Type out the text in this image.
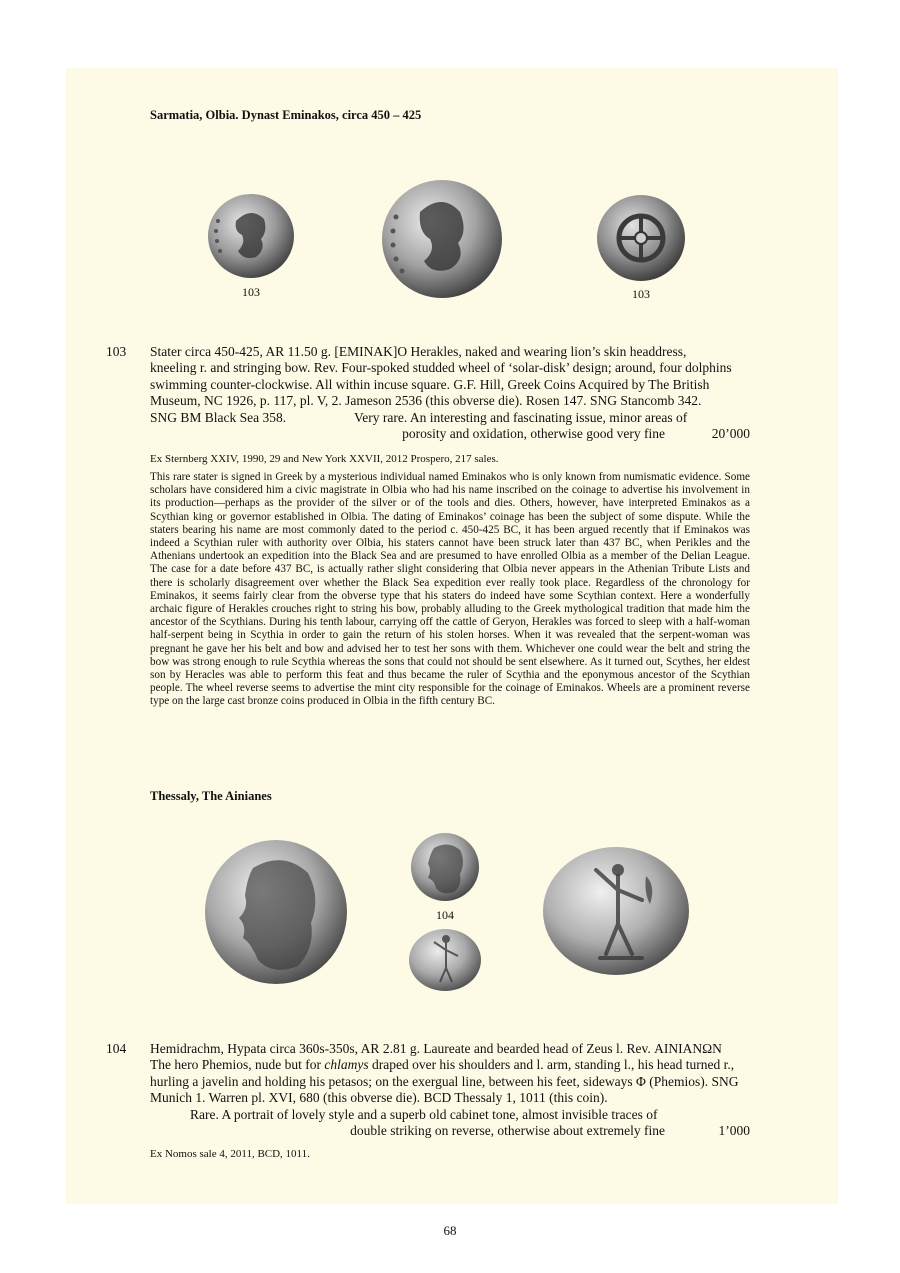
Sarmatia, Olbia. Dynast Eminakos, circa 450 – 425
103	103
103 Stater circa 450-425, AR 11.50 g. [EMINAK]O Herakles, naked and wearing lion’s skin headdress,
kneeling r. and stringing bow. Rev. Four-spoked studded wheel of ‘solar-disk’ design; around, four dolphins
swimming counter-clockwise. All within incuse square. G.F. Hill, Greek Coins Acquired by The British
Museum, NC 1926, p. 117, pl. V, 2. Jameson 2536 (this obverse die). Rosen 147. SNG Stancomb 342.
SNG BM Black Sea 358.	Very rare. An interesting and fascinating issue, minor areas of
porosity and oxidation, otherwise good very fine	20’000
Ex Sternberg XXIV, 1990, 29 and New York XXVII, 2012 Prospero, 217 sales.
This rare stater is signed in Greek by a mysterious individual named Eminakos who is only known from numismatic evidence. Some scholars have considered him a civic magistrate in Olbia who had his name inscribed on the coinage to advertise his involvement in its production—perhaps as the provider of the silver or of the tools and dies. Others, however, have interpreted Eminakos as a Scythian king or governor established in Olbia. The dating of Eminakos’ coinage has been the subject of some dispute. While the staters bearing his name are most commonly dated to the period c. 450-425 BC, it has been argued recently that if Eminakos was indeed a Scythian ruler with authority over Olbia, his staters cannot have been struck later than 437 BC, when Perikles and the Athenians undertook an expedition into the Black Sea and are presumed to have enrolled Olbia as a member of the Delian League. The case for a date before 437 BC, is actually rather slight considering that Olbia never appears in the Athenian Tribute Lists and there is scholarly disagreement over whether the Black Sea expedition ever really took place. Regardless of the chronology for Eminakos, it seems fairly clear from the obverse type that his staters do indeed have some Scythian context. Here a wonderfully archaic figure of Herakles crouches right to string his bow, probably alluding to the Greek mythological tradition that made him the ancestor of the Scythians. During his tenth labour, carrying off the cattle of Geryon, Herakles was forced to sleep with a half-woman half-serpent being in Scythia in order to gain the return of his stolen horses. When it was revealed that the serpent-woman was pregnant he gave her his belt and bow and advised her to test her sons with them. Whichever one could wear the belt and string the bow was strong enough to rule Scythia whereas the sons that could not should be sent elsewhere. As it turned out, Scythes, her eldest son by Heracles was able to perform this feat and thus became the ruler of Scythia and the eponymous ancestor of the Scythian people. The wheel reverse seems to advertise the mint city responsible for the coinage of Eminakos. Wheels are a prominent reverse type on the large cast bronze coins produced in Olbia in the fifth century BC.
Thessaly, The Ainianes
104
104 Hemidrachm, Hypata circa 360s-350s, AR 2.81 g. Laureate and bearded head of Zeus l. Rev. ΑΙΝΙΑΝΩΝ
The hero Phemios, nude but for chlamys draped over his shoulders and l. arm, standing l., his head turned r.,
hurling a javelin and holding his petasos; on the exergual line, between his feet, sideways Φ (Phemios). SNG
Munich 1. Warren pl. XVI, 680 (this obverse die). BCD Thessaly 1, 1011 (this coin).
Rare. A portrait of lovely style and a superb old cabinet tone, almost invisible traces of
double striking on reverse, otherwise about extremely fine	1’000
Ex Nomos sale 4, 2011, BCD, 1011.
68
